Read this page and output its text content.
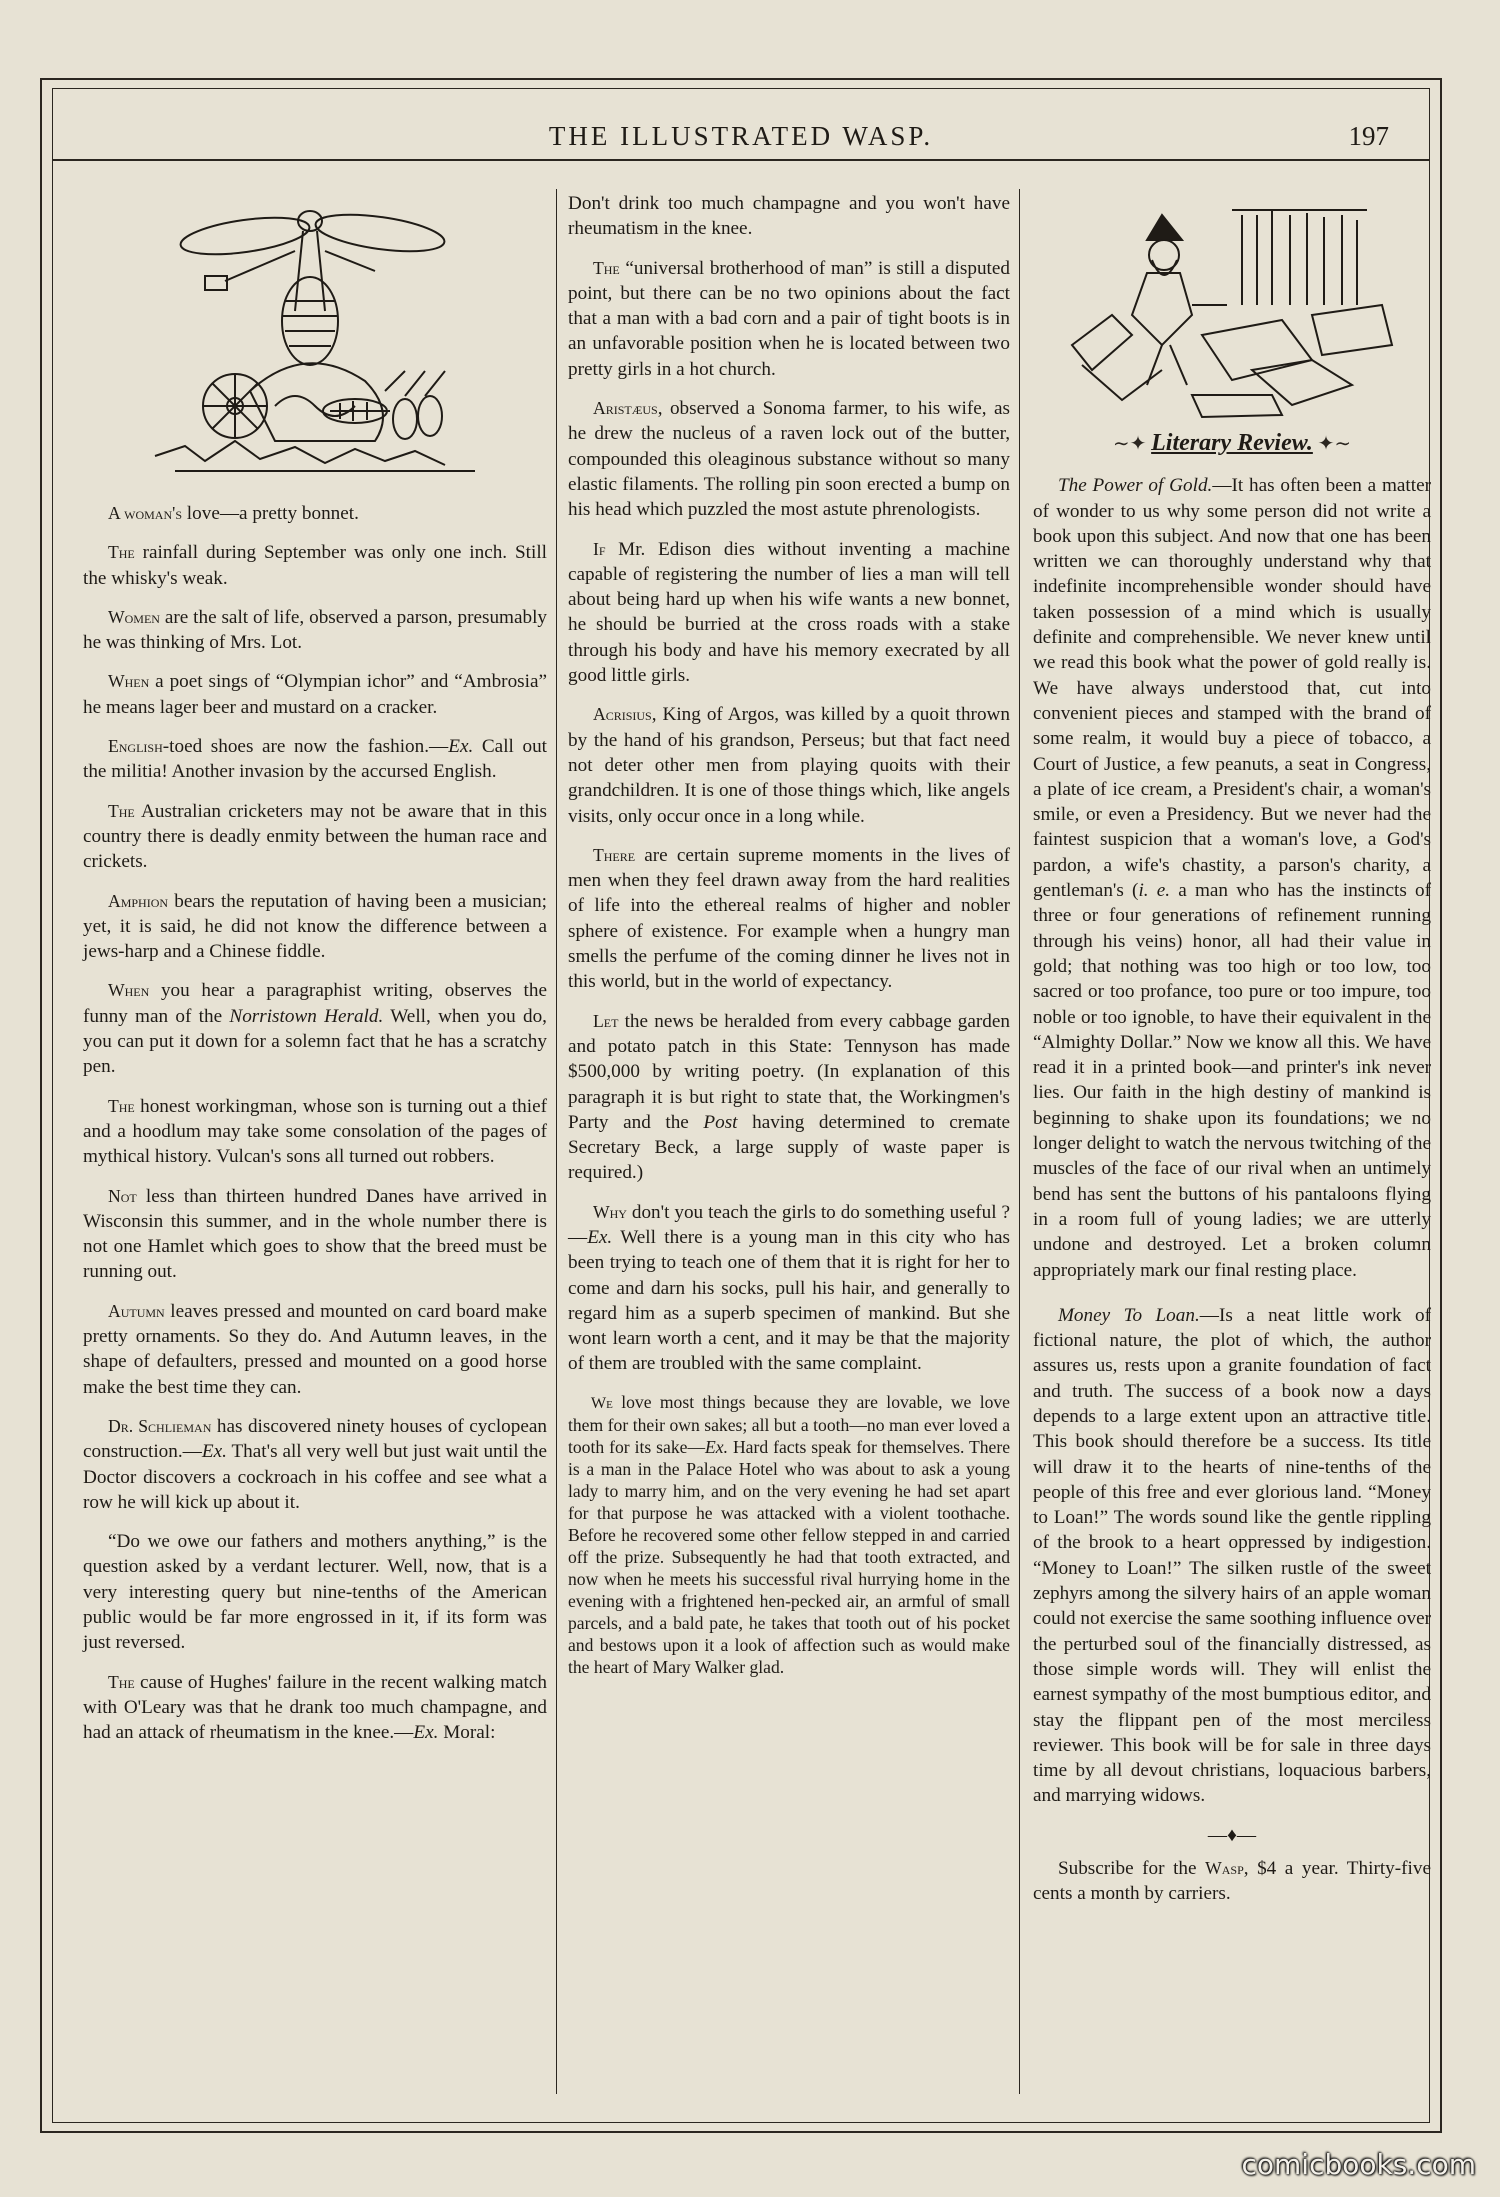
THE ILLUSTRATED WASP.	197

A woman's love—a pretty bonnet.

The rainfall during September was only one inch. Still the whisky's weak.

Women are the salt of life, observed a parson, presumably he was thinking of Mrs. Lot.

When a poet sings of “Olympian ichor” and “Ambrosia” he means lager beer and mustard on a cracker.

English-toed shoes are now the fashion.—Ex. Call out the militia! Another invasion by the accursed English.

The Australian cricketers may not be aware that in this country there is deadly enmity between the human race and crickets.

Amphion bears the reputation of having been a musician; yet, it is said, he did not know the difference between a jews-harp and a Chinese fiddle.

When you hear a paragraphist writing, observes the funny man of the Norristown Herald. Well, when you do, you can put it down for a solemn fact that he has a scratchy pen.

The honest workingman, whose son is turning out a thief and a hoodlum may take some consolation of the pages of mythical history. Vulcan's sons all turned out robbers.

Not less than thirteen hundred Danes have arrived in Wisconsin this summer, and in the whole number there is not one Hamlet which goes to show that the breed must be running out.

Autumn leaves pressed and mounted on card board make pretty ornaments. So they do. And Autumn leaves, in the shape of defaulters, pressed and mounted on a good horse make the best time they can.

Dr. Schlieman has discovered ninety houses of cyclopean construction.—Ex. That's all very well but just wait until the Doctor discovers a cockroach in his coffee and see what a row he will kick up about it.

“Do we owe our fathers and mothers anything,” is the question asked by a verdant lecturer. Well, now, that is a very interesting query but nine-tenths of the American public would be far more engrossed in it, if its form was just reversed.

The cause of Hughes' failure in the recent walking match with O'Leary was that he drank too much champagne, and had an attack of rheumatism in the knee.—Ex. Moral:

Don't drink too much champagne and you won't have rheumatism in the knee.

The “universal brotherhood of man” is still a disputed point, but there can be no two opinions about the fact that a man with a bad corn and a pair of tight boots is in an unfavorable position when he is located between two pretty girls in a hot church.

Aristæus, observed a Sonoma farmer, to his wife, as he drew the nucleus of a raven lock out of the butter, compounded this oleaginous substance without so many elastic filaments. The rolling pin soon erected a bump on his head which puzzled the most astute phrenologists.

If Mr. Edison dies without inventing a machine capable of registering the number of lies a man will tell about being hard up when his wife wants a new bonnet, he should be burried at the cross roads with a stake through his body and have his memory execrated by all good little girls.

Acrisius, King of Argos, was killed by a quoit thrown by the hand of his grandson, Perseus; but that fact need not deter other men from playing quoits with their grandchildren. It is one of those things which, like angels visits, only occur once in a long while.

There are certain supreme moments in the lives of men when they feel drawn away from the hard realities of life into the ethereal realms of higher and nobler sphere of existence. For example when a hungry man smells the perfume of the coming dinner he lives not in this world, but in the world of expectancy.

Let the news be heralded from every cabbage garden and potato patch in this State: Tennyson has made $500,000 by writing poetry. (In explanation of this paragraph it is but right to state that, the Workingmen's Party and the Post having determined to cremate Secretary Beck, a large supply of waste paper is required.)

Why don't you teach the girls to do something useful ?—Ex. Well there is a young man in this city who has been trying to teach one of them that it is right for her to come and darn his socks, pull his hair, and generally to regard him as a superb specimen of mankind. But she wont learn worth a cent, and it may be that the majority of them are troubled with the same complaint.

We love most things because they are lovable, we love them for their own sakes; all but a tooth—no man ever loved a tooth for its sake—Ex. Hard facts speak for themselves. There is a man in the Palace Hotel who was about to ask a young lady to marry him, and on the very evening he had set apart for that purpose he was attacked with a violent toothache. Before he recovered some other fellow stepped in and carried off the prize. Subsequently he had that tooth extracted, and now when he meets his successful rival hurrying home in the evening with a frightened hen-pecked air, an armful of small parcels, and a bald pate, he takes that tooth out of his pocket and bestows upon it a look of affection such as would make the heart of Mary Walker glad.

∼✦ Literary Review. ✦∼

The Power of Gold.—It has often been a matter of wonder to us why some person did not write a book upon this subject. And now that one has been written we can thoroughly understand why that indefinite incomprehensible wonder should have taken possession of a mind which is usually definite and comprehensible. We never knew until we read this book what the power of gold really is. We have always understood that, cut into convenient pieces and stamped with the brand of some realm, it would buy a piece of tobacco, a Court of Justice, a few peanuts, a seat in Congress, a plate of ice cream, a President's chair, a woman's smile, or even a Presidency. But we never had the faintest suspicion that a woman's love, a God's pardon, a wife's chastity, a parson's charity, a gentleman's (i. e. a man who has the instincts of three or four generations of refinement running through his veins) honor, all had their value in gold; that nothing was too high or too low, too sacred or too profance, too pure or too impure, too noble or too ignoble, to have their equivalent in the “Almighty Dollar.” Now we know all this. We have read it in a printed book—and printer's ink never lies. Our faith in the high destiny of mankind is beginning to shake upon its foundations; we no longer delight to watch the nervous twitching of the muscles of the face of our rival when an untimely bend has sent the buttons of his pantaloons flying in a room full of young ladies; we are utterly undone and destroyed. Let a broken column appropriately mark our final resting place.

Money To Loan.—Is a neat little work of fictional nature, the plot of which, the author assures us, rests upon a granite foundation of fact and truth. The success of a book now a days depends to a large extent upon an attractive title. This book should therefore be a success. Its title will draw it to the hearts of nine-tenths of the people of this free and ever glorious land. “Money to Loan!” The words sound like the gentle rippling of the brook to a heart oppressed by indigestion. “Money to Loan!” The silken rustle of the sweet zephyrs among the silvery hairs of an apple woman could not exercise the same soothing influence over the perturbed soul of the financially distressed, as those simple words will. They will enlist the earnest sympathy of the most bumptious editor, and stay the flippant pen of the most merciless reviewer. This book will be for sale in three days time by all devout christians, loquacious barbers, and marrying widows.

—♦—

Subscribe for the Wasp, $4 a year. Thirty-five cents a month by carriers.

comicbooks.com
